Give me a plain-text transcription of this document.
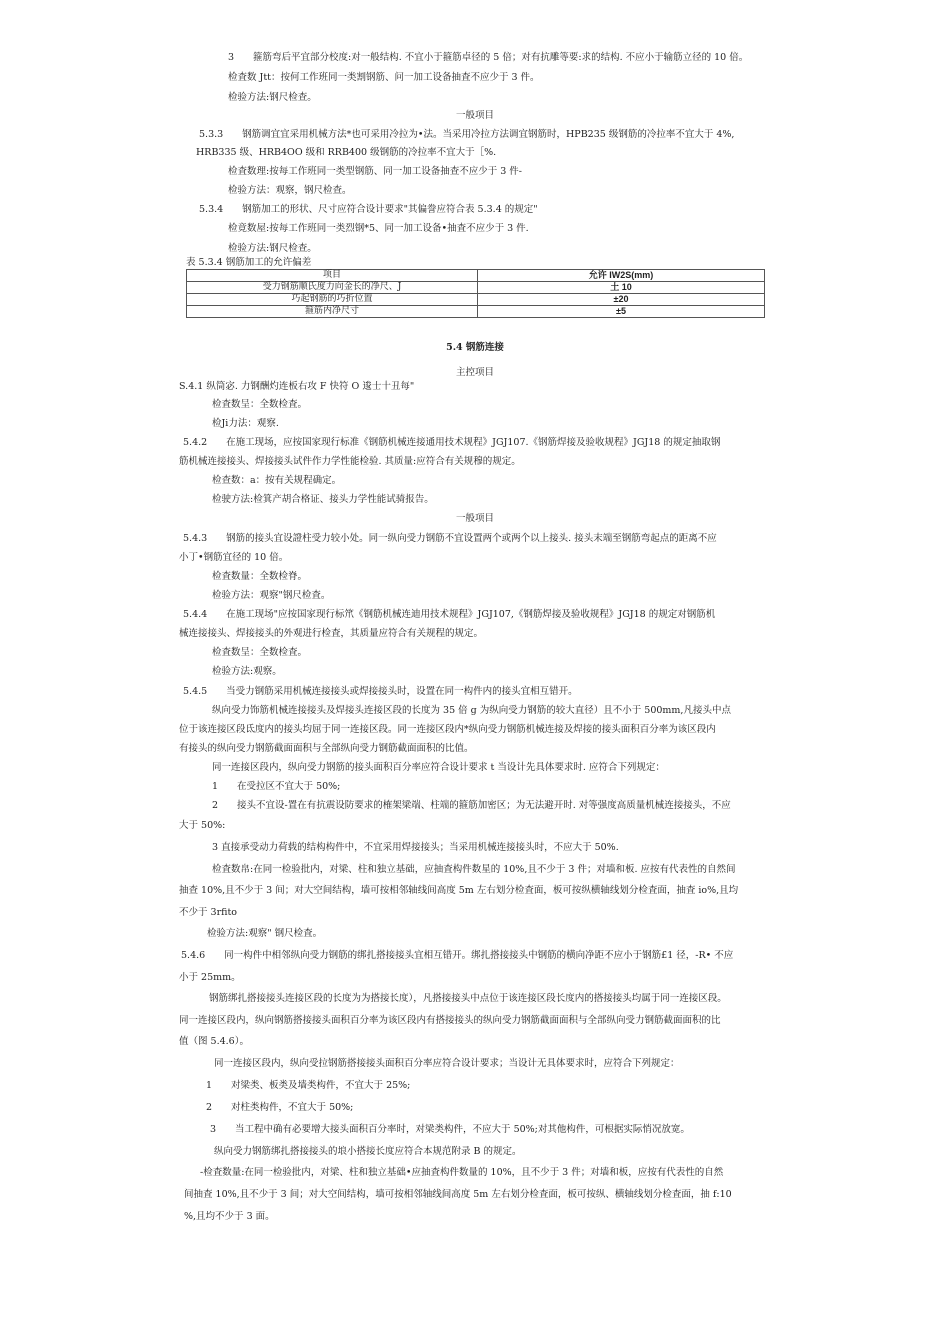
3　　箍筋弯后平宜部分校度:对一般结构. 不宜小于箍筋卓径的 5 倍；对有抗雕等要:求的结构. 不应小于输筋立径的 10 倍。
检査数 Jtt：按何工作班同一类割钢筋、问一加工设备抽査不应少于 3 件。
检验方法:钢尺检查。
一般项目
5.3.3　　钢筋调宜宜采用机械方法*也可采用冷拉为•法。当采用冷拉方法调宜钢筋时，HPB235 级钢筋的冷拉率不宜大于 4%,
HRB335 级、HRB4OO 级和 RRB400 级钢筋的冷拉率不宜大于［%.
检査数理:按每工作班同一类型钢筋、同一加工设备抽查不应少于 3 件-
检验方法：观察，钢尺检查。
5.3.4　　钢筋加工的形状、尺寸应符合设计要求"其偏誊应符合表 5.3.4 的规定"
检竟数屋:按每工作班同一类烈钢*5、同一加工设备•抽査不应少于 3 件.
检验方法:钢尺检查。
表 5.3.4 钢筋加工的允许偏差
项目	允许 IW2S(mm)
受力钢筋顺氏度力向金长的净尺、J	土 10
巧起钢筋的巧折位置	±20
箍筋内净尺寸	±5
5.4 钢筋连接
主控项目
S.4.1 纵筒宓. 力钢酬灼连板右攻 F 快符 O 逡士十丑每"
检査数呈：全数检査。
检Ji力法：观察.
5.4.2　　在施工现场，应按国家现行标准《钢筋机械连接通用技术规程》JGJ107.《钢筋焊接及验收规程》JGJ18 的规定抽取钢
筋机械连接接头、焊接接头试件作力学性能检验. 其质量:应符合有关规穆的规定。
检查数：a：按有关规程确定。
检驶方法:检箕产胡合格证、接头力学性能试骑报告。
一般项目
5.4.3　　钢筋的接头宜设證柱受力较小处。同一纵向受力钢筋不宜设置两个或两个以上接头. 接头末端至钢筋弯起点的距离不应
小丁•钢筋宜径的 10 倍。
检査数量：全数检脊。
检验方法：观察"钢尺检査。
5.4.4　　在施工现场"应按国家现行标笊《钢筋机械连迪用技术规程》JGJ107,《钢筋焊接及验收规程》JGJ18 的规定对钢筋机
械连接接头、焊接接头的外观进行检査，其质量应符合有关规程的规定。
检査数呈：全数检査。
检验方法:观察。
5.4.5　　当受力钢筋采用机械连接接头或焊接接头时，设置在同一构件内的接头宜相互错开。
纵向受力饰筋机械连接接头及焊接头连接区段的长度为 35 倍 g 为纵向受力钢筋的较大直径）且不小于 500mm,凡接头中点
位于该连接区段氐度内的接头均屈于同一连接区段。同一连接区段内*纵向受力钢筋机械连接及焊接的接头面积百分率为该区段内
有接头的纵向受力钢筋截面面积与全部纵向受力钢筋截面面积的比值。
同一连接区段内，纵向受力钢筋的接头面积百分率应符合设计要求 t 当设计先具体要求时. 应符合下列规定：
1　　在受拉区不宜大于 50%;
2　　接头不宜设-置在有抗震设防要求的榷架梁端、柱端的箍筋加密区；为无法避开时. 对等强度高质量机械连接接头，不应
大于 50%:
3 直接承受动力荷载的结构构件中，不宜采用焊接接头；当采用机械连接接头时，不应大于 50%.
检査数帛:在同一检验批内，对梁、柱和独立基础，应抽査构件数星的 10%,且不少于 3 件；对墙和板. 应按有代表性的自然间
抽查 10%,且不少于 3 间；对大空间结构，墙可按相邻轴线间高度 5m 左右划分检査面，板可按纵横轴线划分检査面，抽査 io%,且均
不少于 3rfito
检验方法:观察" 钢尺检査。
5.4.6　　同一构件中相邻纵向受力钢筋的绑扎搭接接头宜相互错开。绑扎搭接接头中钢筋的横向净距不应小于钢筋£1 径，-R• 不应
小于 25mm。
钢筋绑扎搭接接头连接区段的长度为为搭接长度），凡搭接接头中点位于该连接区段长度内的搭接接头均属于同一连接区段。
同一连接区段内，纵向钢筋搭接接头面积百分率为该区段内有搭接接头的纵向受力钢筋截面面积与全部纵向受力钢筋截面面积的比
值（图 5.4.6）。
同一连接区段内，纵向受拉钢筋搭接接头面积百分率应符合设计要求；当设计无具体要求时，应符合下列规定：
1　　对梁类、板类及墙类构件，不宜大于 25%;
2　　对柱类构件，不宜大于 50%;
3　　当工程中确有必要增大接头面积百分率时，对梁类构件，不应大于 50%;对其他构件，可根据实际悄况放宽。
纵向受力钢筋绑扎搭接接头的埌小搭接长度应符合本规范附录 B 的规定。
-检査数量:在同一检验批内，对梁、柱和独立基础•应抽査构件数量的 10%，且不少于 3 件；对墙和板，应按有代表性的自然
间抽査 10%,且不少于 3 间；对大空间结构，墙可按相邻轴线间高度 5m 左右划分检査面，板可按纵、横轴线划分检査面，抽 f:10
%,且均不少于 3 面。
